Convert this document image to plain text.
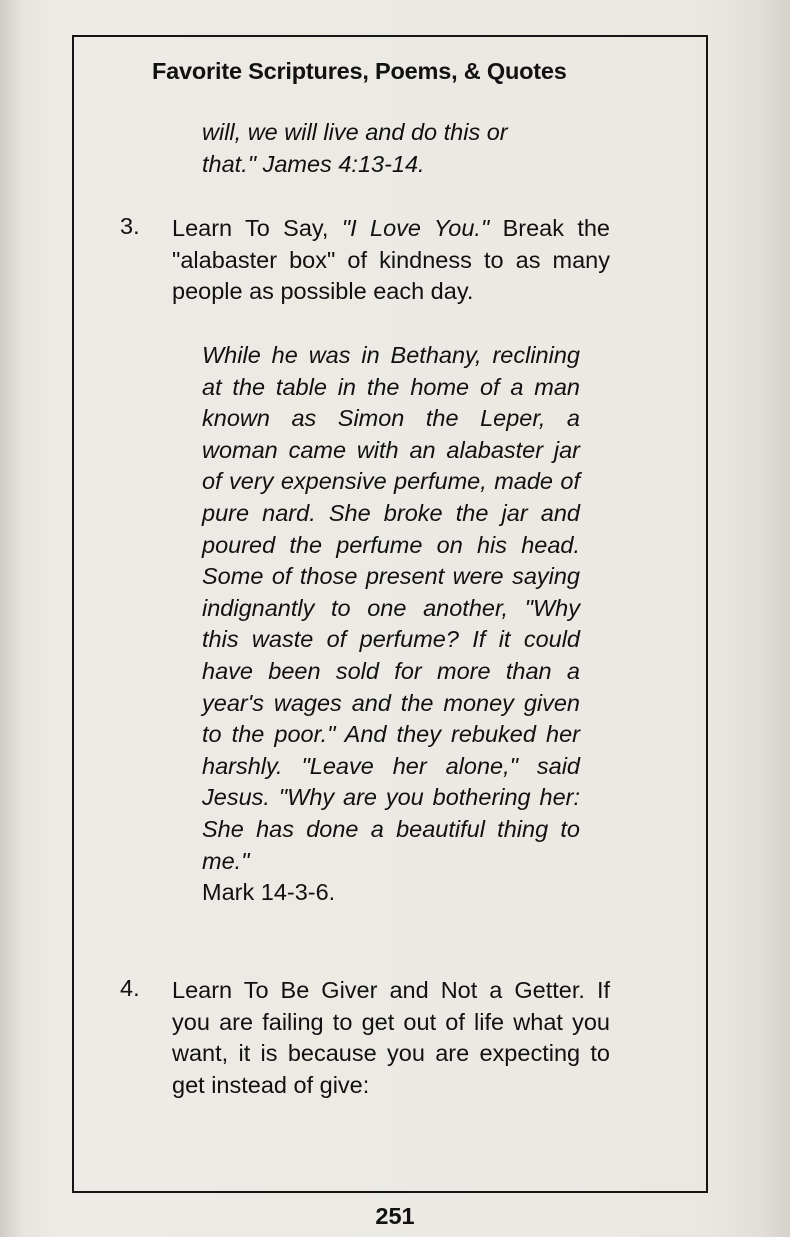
Favorite Scriptures, Poems, & Quotes
will, we will live and do this or
that." James 4:13-14.
3. Learn To Say, "I Love You." Break the "alabaster box" of kindness to as many people as possible each day.
While he was in Bethany, reclining at the table in the home of a man known as Simon the Leper, a woman came with an alabaster jar of very expensive perfume, made of pure nard. She broke the jar and poured the perfume on his head. Some of those present were saying indignantly to one another, "Why this waste of perfume? If it could have been sold for more than a year's wages and the money given to the poor." And they rebuked her harshly. "Leave her alone," said Jesus. "Why are you bothering her: She has done a beautiful thing to me."
Mark 14-3-6.
4. Learn To Be Giver and Not a Getter. If you are failing to get out of life what you want, it is because you are expecting to get instead of give:
251
